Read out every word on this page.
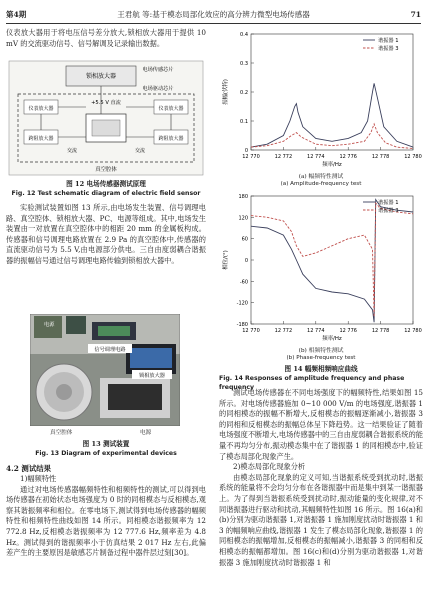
第4期	王君航 等:基于模态局部化效应的高分辨力微型电场传感器	71

仪表放大器用于将电压信号差分放大,锁相放大器用于提供 10 mV 的交流驱动信号、信号解调及记录输出数据。

锁相放大器
电场传感芯片
电场驱动芯片
+5.5 V 直流
仪表放大器	仪表放大器
跨阻放大器	跨阻放大器
交流	交流
真空腔体
图 12 电场传感器测试原理
Fig. 12 Test schematic diagram of electric field sensor

实验测试装置如图 13 所示,由电场发生装置、信号调理电路、真空腔体、锁相放大器、PC、电源等组成。其中,电场发生装置由一对放置在真空腔体中的相距 20 mm 的金属板构成。传感器和信号调理电路放置在 2.9 Pa 的真空腔体中,传感器的直流驱动信号为 5.5 V,由电源部分供电。三自由度弱耦合谐振器的振幅信号通过信号调理电路传输到锁相放大器中。

电源
信号调理电路
锁相放大器
真空腔体	电源
图 13 测试装置
Fig. 13 Diagram of experimental devices
4.2 测试结果
1)幅频特性

通过对电场传感器幅频特性和相频特性的测试,可以得到电场传感器在初始状态电场强度为 0 时的同相模态与反相模态,观察其谐振频率和相位。在零电场下,测试得到电场传感器的幅频特性和相频特性曲线如图 14 所示。同相模态谐振频率为 12 772.8 Hz,反相模态谐振频率为 12 777.6 Hz,频率差为 4.8 Hz。测试得到的谐振频率小于仿真结果 2 017 Hz 左右,此偏差产生的主要原因是敏感芯片制备过程中器件层过刻[30]。

12 770	12 772	12 774	12 776	12 778	12 780
0
0.1
0.2
0.3
0.4
频率/Hz
振幅(伏特)
谐振器 1
谐振器 3
(a) 幅频特性测试
(a) Amplitude-frequency test
12 770	12 772	12 774	12 776	12 778	12 780
-180
-120
-60
0
60
120
180
频率/Hz
相位/(°)
谐振器 1
谐振器 3
(b) 相频特性测试
(b) Phase-frequency test
图 14 幅频相频响应曲线
Fig. 14 Responses of amplitude frequency and phase frequency

测试电场传感器在不同电场强度下的幅频特性,结果如图 15 所示。对电场传感器施加 0~10 000 V/m 的电场强度,谐振器 1 的同相模态的振幅不断增大,反相模态的振幅逐渐减小,谐振器 3 的同相和反相模态的振幅总体呈下降趋势。这一结果验证了随着电场强度不断增大,电场传感器中的三自由度弱耦合谐振系统的能量不再均匀分布,振动模态集中在了谐振器 1 的同相模态中,验证了模态局部化现象产生。

2)模态局部化现象分析

由模态局部化现象的定义可知,当谐振系统受到扰动时,谐振系统的能量将不会均匀分布在各谐振器中而是集中到某一谐振器上。为了得到当谐振系统受到扰动时,振动能量的变化规律,对不同谐振器进行驱动和扰动,其幅频特性如图 16 所示。图 16(a)和(b)分别为驱动谐振器 1,对谐振器 1 施加刚度扰动时谐振器 1 和 3 的幅频响应曲线,谐振器 1 发生了模态局部化现象,谐振器 1 的同相模态的振幅增加,反相模态的振幅减小,谐振器 3 的同相和反相模态的振幅都增加。图 16(c)和(d)分别为驱动谐振器 1,对谐振器 3 施加刚度扰动时谐振器 1 和
